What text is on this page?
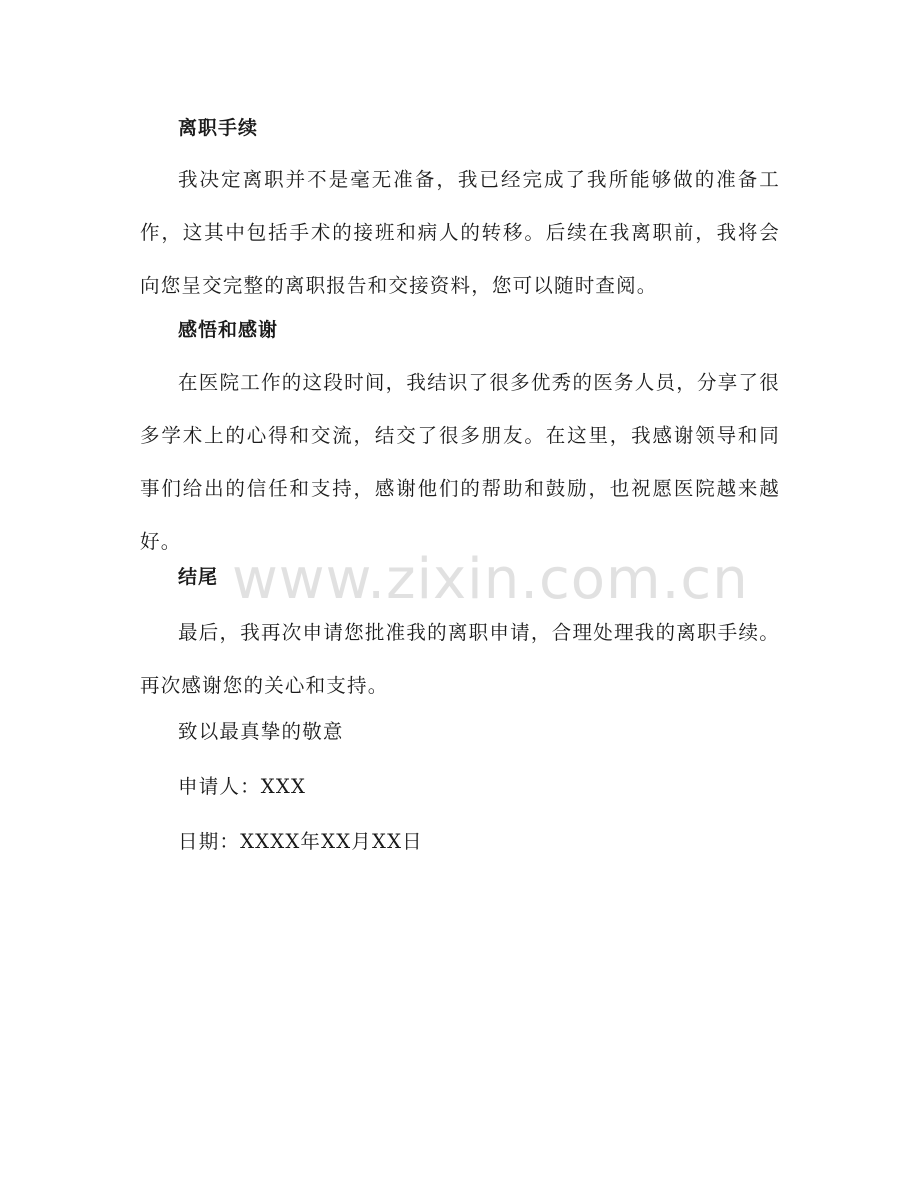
离职手续

我决定离职并不是毫无准备，我已经完成了我所能够做的准备工作，这其中包括手术的接班和病人的转移。后续在我离职前，我将会向您呈交完整的离职报告和交接资料，您可以随时查阅。

感悟和感谢

在医院工作的这段时间，我结识了很多优秀的医务人员，分享了很多学术上的心得和交流，结交了很多朋友。在这里，我感谢领导和同事们给出的信任和支持，感谢他们的帮助和鼓励，也祝愿医院越来越好。

结尾

最后，我再次申请您批准我的离职申请，合理处理我的离职手续。再次感谢您的关心和支持。

致以最真挚的敬意

申请人：XXX

日期：XXXX年XX月XX日

www.zixin.com.cn
